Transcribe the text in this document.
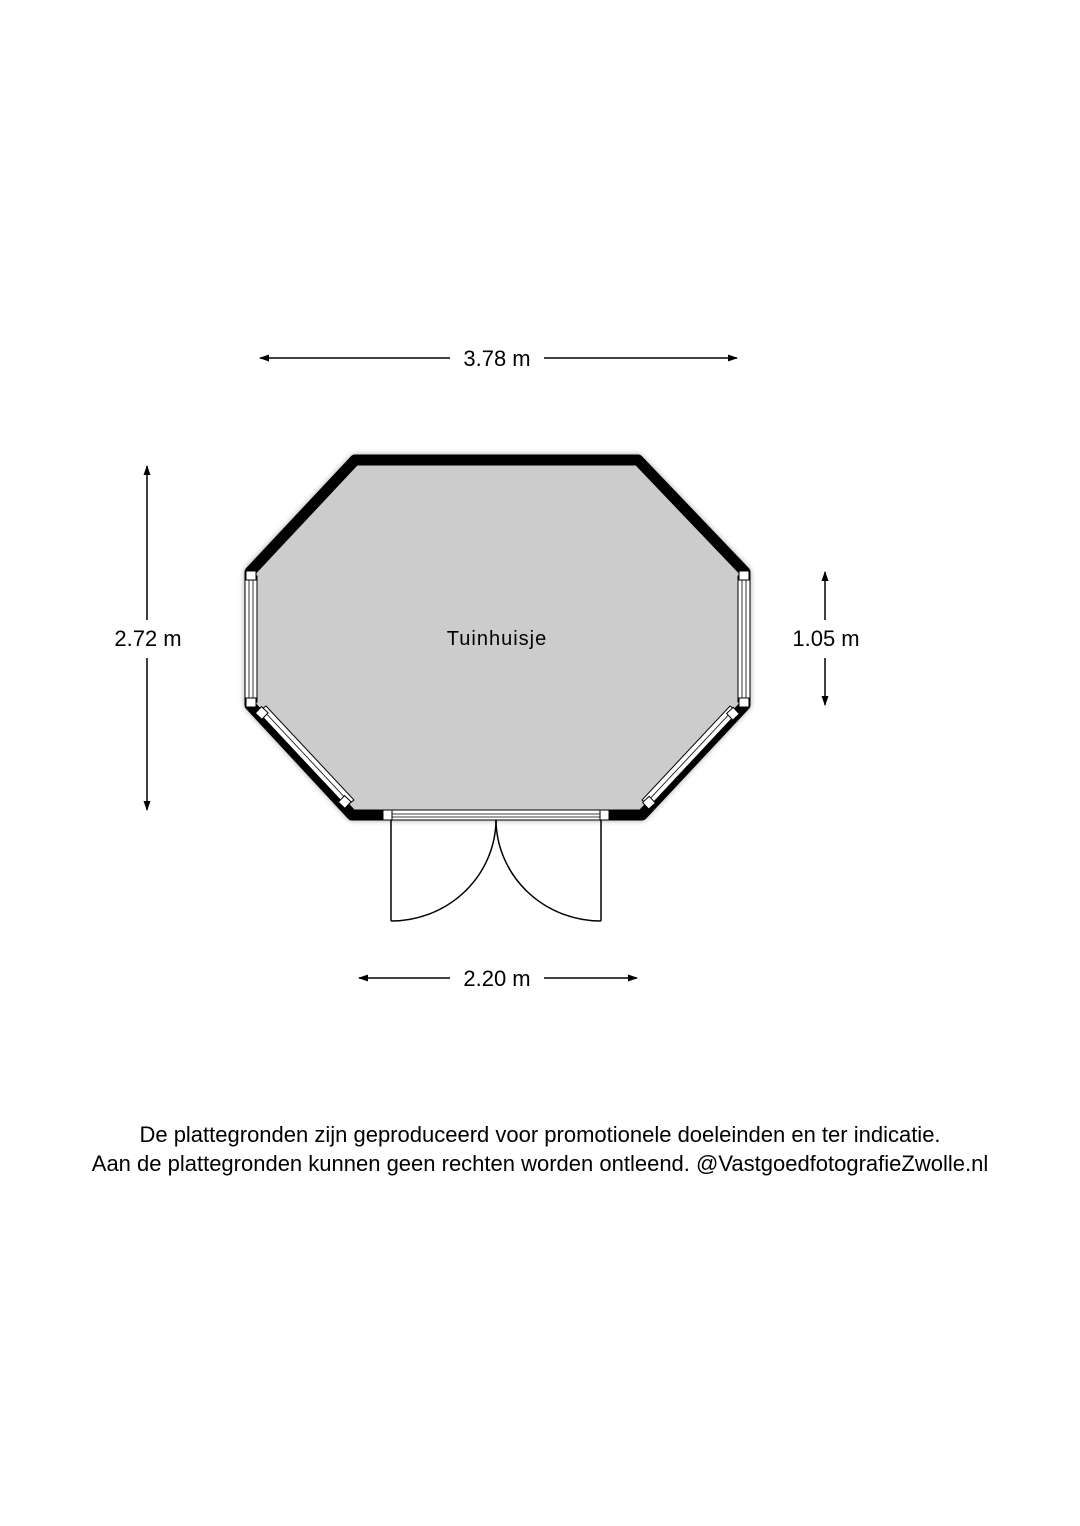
3.78 m
2.72 m	1.05 m
2.20 m
Tuinhuisje
De plattegronden zijn geproduceerd voor promotionele doeleinden en ter indicatie.
Aan de plattegronden kunnen geen rechten worden ontleend. @VastgoedfotografieZwolle.nl
